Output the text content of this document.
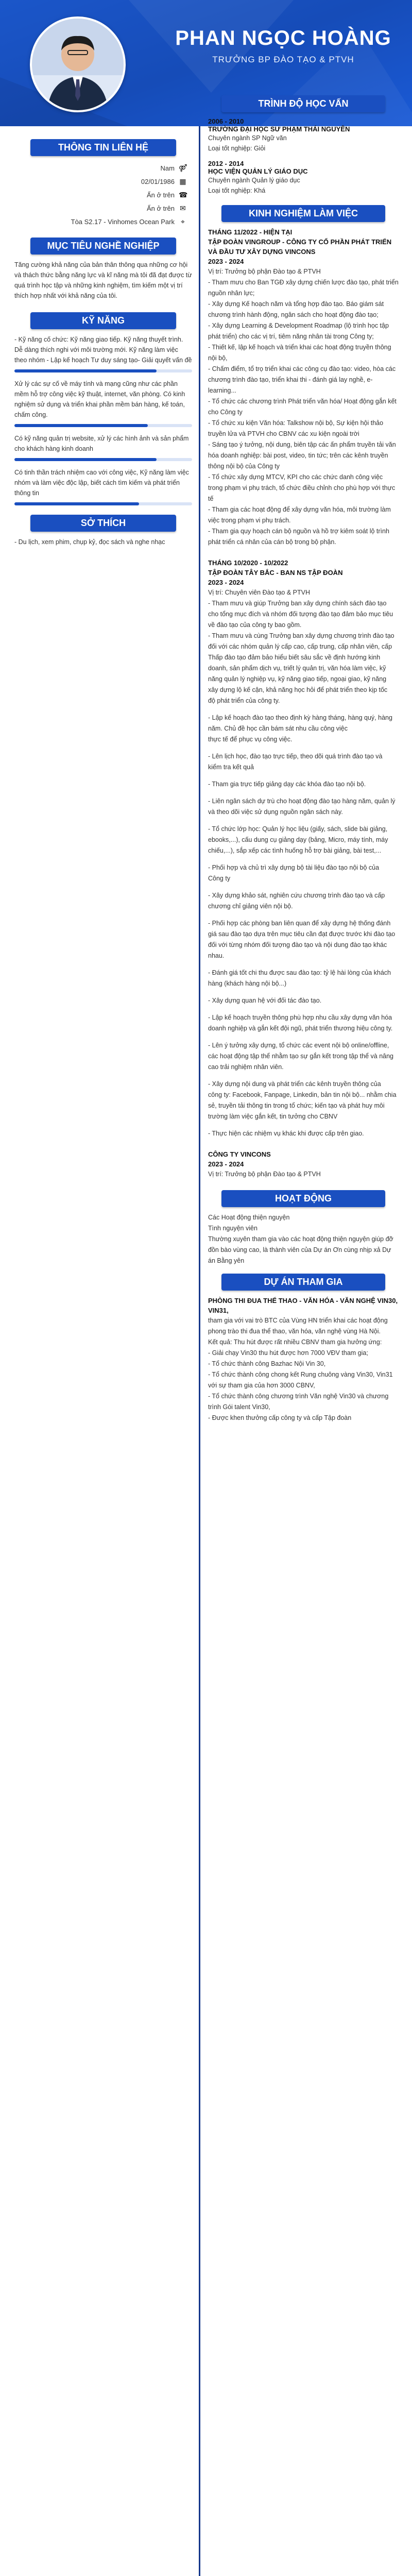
PHAN NGỌC HOÀNG
TRƯỞNG BP ĐÀO TẠO & PTVH
THÔNG TIN LIÊN HỆ
Nam ⚤
02/01/1986 ▦
Ẩn ở trên ☎
Ẩn ở trên ✉
Tòa S2.17 - Vinhomes Ocean Park ⌖
MỤC TIÊU NGHỀ NGHIỆP

Tăng cường khả năng của bản thân thông qua những cơ hội và thách thức bằng năng lực và kĩ năng mà tôi đã đạt được từ quá trình học tập và những kinh nghiệm, tìm kiếm một vị trí thích hợp nhất với khả năng của tôi.

KỸ NĂNG

- Kỹ năng cố chức: Kỹ năng giao tiếp. Kỹ năng thuyết trình. Dễ dàng thích nghi với môi trường mới. Kỹ năng làm việc theo nhóm - Lập kế hoạch Tư duy sáng tạo- Giải quyết vấn đề

Xử lý các sự cố về máy tính và mạng cũng như các phần mềm hỗ trợ công việc kỹ thuật, internet, văn phòng. Có kinh nghiệm sử dụng và triển khai phần mềm bán hàng, kế toán, chấm công.

Có kỹ năng quản trị website, xử lý các hình ảnh và sản phẩm cho khách hàng kinh doanh

Có tinh thần trách nhiệm cao với công việc, Kỹ năng làm việc nhóm và làm việc độc lập, biết cách tìm kiếm và phát triển thông tin

SỞ THÍCH

- Du lịch, xem phim, chụp kỷ, đọc sách và nghe nhạc

TRÌNH ĐỘ HỌC VẤN
2006 - 2010
TRƯỜNG ĐẠI HỌC SƯ PHẠM THÁI NGUYÊN
Chuyên ngành SP Ngữ văn
Loại tốt nghiệp: Giỏi
2012 - 2014
HỌC VIỆN QUẢN LÝ GIÁO DỤC
Chuyên ngành Quản lý giáo dục
Loại tốt nghiệp: Khá
KINH NGHIỆM LÀM VIỆC
THÁNG 11/2022 - HIỆN TẠI
TẬP ĐOÀN VINGROUP - CÔNG TY CỔ PHẦN PHÁT TRIỂN VÀ ĐẦU TƯ XÂY DỰNG VINCONS
2023 - 2024
Vị trí: Trưởng bộ phận Đào tạo & PTVH
- Tham mưu cho Ban TGĐ xây dựng chiến lược đào tạo, phát triển nguồn nhân lực;
- Xây dựng Kế hoạch năm và tổng hợp đào tạo. Báo giám sát chương trình hành động, ngân sách cho hoạt động đào tạo;
- Xây dựng Learning & Development Roadmap (lộ trình học tập phát triển) cho các vị trí, tiêm năng nhân tài trong Công ty;
- Thiết kế, lập kế hoạch và triển khai các hoạt động truyền thông nội bộ,
- Chấm điểm, tổ trọ triển khai các công cụ đào tạo: video, hòa các chương trình đào tạo, triển khai thi - đánh giá lay nghề, e-learning...
- Tổ chức các chương trình Phát triển văn hóa/ Hoạt động gắn kết cho Công ty
- Tổ chức xu kiện Văn hóa: Talkshow nội bộ, Sự kiện hội thảo truyền lửa và PTVH cho CBNV các xu kiện ngoài trời
- Sáng tạo ý tưởng, nội dung, biên tập các ấn phẩm truyền tải văn hóa doanh nghiệp: bài post, video, tin tức; trên các kênh truyền thông nội bộ của Công ty
- Tổ chức xây dựng MTCV, KPI cho các chức danh công việc trong phạm vi phụ trách, tổ chức điều chỉnh cho phù hợp với thực tế
- Tham gia các hoạt động để xây dựng văn hóa, môi trường làm việc trong phạm vi phụ trách.
- Tham gia quy hoạch cán bộ nguồn và hồ trợ kiêm soát lộ trình phát triển cá nhân của cán bộ trong bộ phận.
THÁNG 10/2020 - 10/2022
TẬP ĐOÀN TÂY BẮC - BAN NS TẬP ĐOÀN
2023 - 2024
Vị trí: Chuyên viên Đào tạo & PTVH
- Tham mưu và giúp Trưởng ban xây dựng chính sách đào tạo
cho tổng mục đích và nhóm đối tượng đào tạo đảm bảo mục tiêu
về đào tạo của công ty bao gồm.
- Tham mưu và cùng Trưởng ban xây dựng chương trình đào tạo
đối với các nhóm quản lý cấp cao, cấp trung, cấp nhân viên, cấp
Thấp đào tạo đảm bảo hiểu biết sâu sắc về định hướng kinh
doanh, sản phẩm dịch vụ, triết lý quản trị, văn hóa làm việc, kỹ
năng quản lý nghiệp vụ, kỹ năng giao tiếp, ngoại giao, kỹ năng
xây dựng lộ kế cận, khả năng học hỏi để phát triển theo kịp tốc
độ phát triển của công ty.
- Lập kế hoạch đào tạo theo định kỳ hàng tháng, hàng quý, hàng
năm. Chủ đề học cần bám sát nhu cầu công việc
thực tế để phục vụ công việc.
- Lên lịch học, đào tạo trực tiếp, theo dõi quá trình đào tạo và
kiểm tra kết quả
- Tham gia trực tiếp giảng dạy các khóa đào tạo nội bộ.
- Liên ngân sách dự trù cho hoạt động đào tạo hàng năm, quản lý
và theo dõi việc sử dụng nguồn ngân sách này.
- Tổ chức lớp học: Quản lý học liệu (giấy, sách, slide bài giảng,
ebooks,...), cấu dung cụ giảng dạy (bảng, Micro, máy tính, máy
chiếu,...), sắp xếp các tình huống hỗ trợ bài giảng, bài test,...
- Phối hợp và chủ trì xây dựng bộ tài liệu đào tạo nội bộ của
Công ty
- Xây dựng khảo sát, nghiên cứu chương trình đào tạo và cấp
chương chỉ giảng viên nội bộ.
- Phối hợp các phòng ban liên quan để xây dựng hệ thống đánh
giá sau đào tạo dựa trên mục tiêu cần đạt được trước khi đào tạo
đối với từng nhóm đối tượng đào tạo và nội dung đào tạo khác
nhau.
- Đánh giá tốt chi thu được sau đào tạo: tỷ lệ hài lòng của khách
hàng (khách hàng nội bộ...)
- Xây dựng quan hệ với đối tác đào tạo.
- Lập kế hoạch truyền thông phù hợp nhu cầu xây dựng văn hóa
doanh nghiệp và gắn kết đội ngũ, phát triển thương hiệu công ty.
- Lên ý tưởng xây dựng, tổ chức các event nội bộ online/offline,
các hoạt động tập thể nhằm tạo sự gắn kết trong tập thể và nâng
cao trải nghiệm nhân viên.
- Xây dựng nội dung và phát triển các kênh truyền thông của
công ty: Facebook, Fanpage, Linkedin, bản tin nội bộ... nhằm chia
sẻ, truyền tải thông tin trong tổ chức; kiến tạo và phát huy môi
trường làm việc gắn kết, tin tưởng cho CBNV
- Thực hiện các nhiệm vụ khác khi được cấp trên giao.
CÔNG TY VINCONS
2023 - 2024
Vị trí: Trưởng bộ phận Đào tạo & PTVH
HOẠT ĐỘNG
Các Hoạt động thiện nguyện
Tình nguyện viên
Thường xuyên tham gia vào các hoạt động thiện nguyện giúp đỡ đồn bào vùng cao, là thành viên của Dự án Ơn cùng nhịp xả Dự án Bằng yên
DỰ ÁN THAM GIA
PHÒNG THI ĐUA THỂ THAO - VĂN HÓA - VĂN NGHỆ VIN30, VIN31,
tham gia với vai trò BTC của Vùng HN triển khai các hoạt động phong trào thi đua thể thao, văn hóa, văn nghệ vùng Hà Nội.
Kết quả: Thu hút được rất nhiều CBNV tham gia hưởng ứng:
- Giải chạy Vin30 thu hút được hơn 7000 VĐV tham gia;
- Tổ chức thành công Bazhac Nội Vin 30,
- Tổ chức thành công chong kết Rung chuông vàng Vin30, Vin31 với sự tham gia của hơn 3000 CBNV,
- Tổ chức thành công chương trình Văn nghệ Vin30 và chương trình Gói talent Vin30,
- Được khen thưởng cấp công ty và cấp Tập đoàn
